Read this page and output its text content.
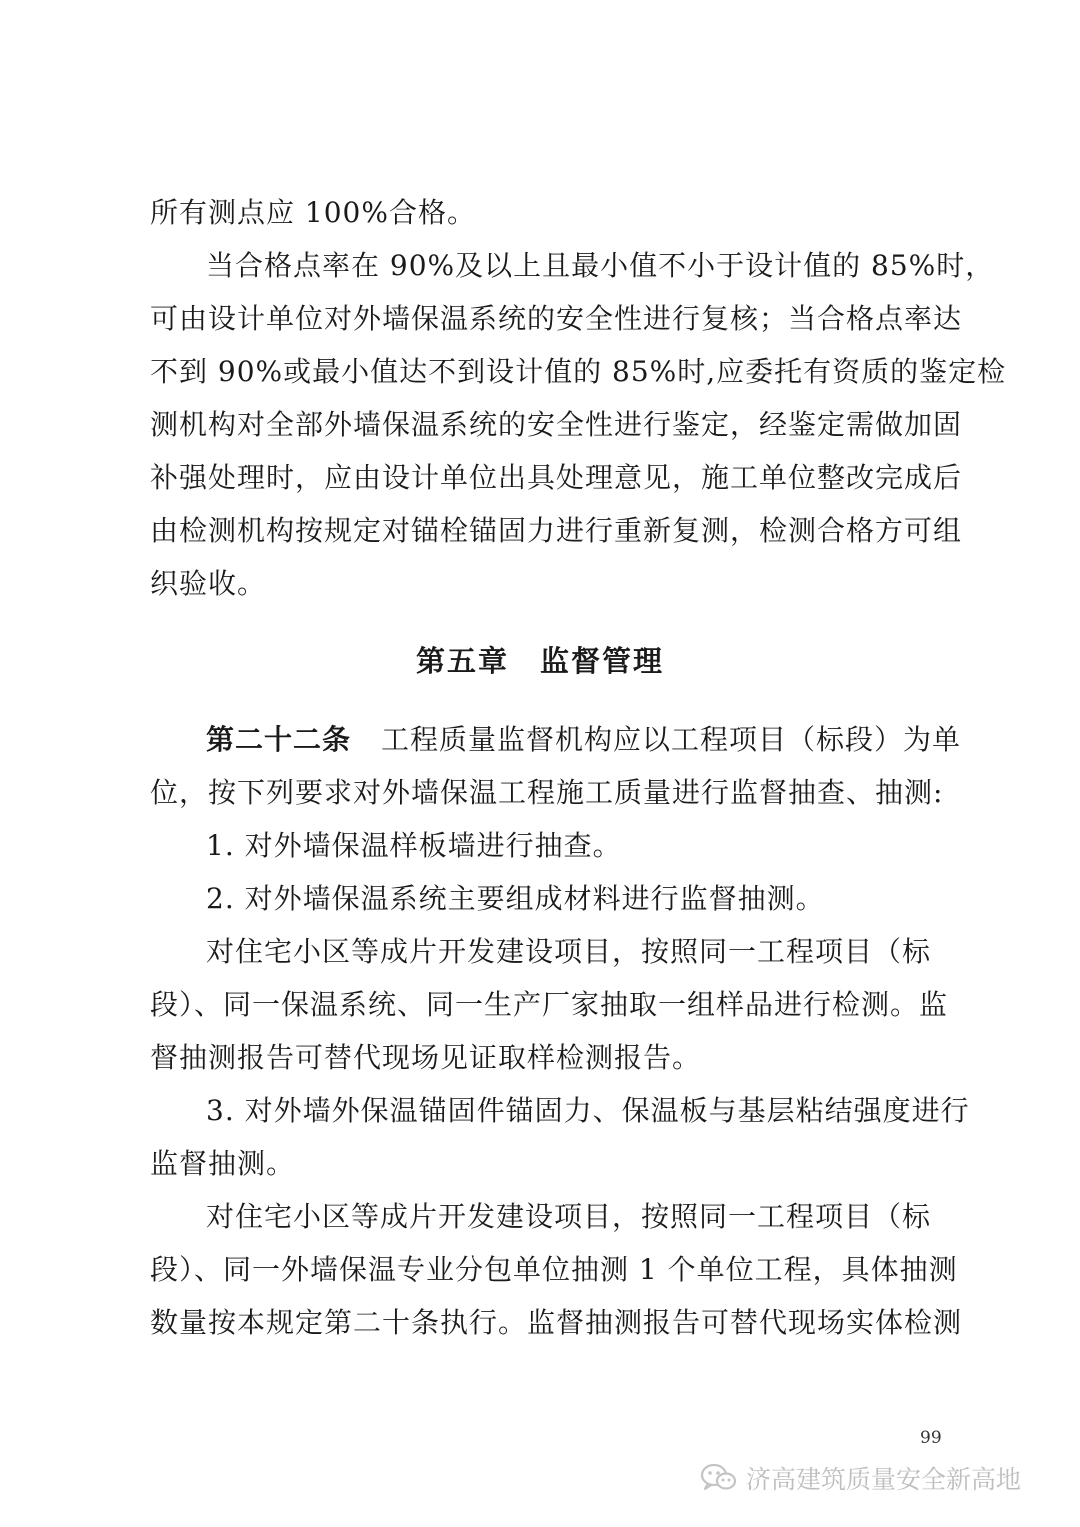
所有测点应 100%合格。
当合格点率在 90%及以上且最小值不小于设计值的 85%时，
可由设计单位对外墙保温系统的安全性进行复核；当合格点率达
不到 90%或最小值达不到设计值的 85%时,应委托有资质的鉴定检
测机构对全部外墙保温系统的安全性进行鉴定，经鉴定需做加固
补强处理时，应由设计单位出具处理意见，施工单位整改完成后
由检测机构按规定对锚栓锚固力进行重新复测，检测合格方可组
织验收。
第五章　监督管理
第二十二条 工程质量监督机构应以工程项目（标段）为单
位，按下列要求对外墙保温工程施工质量进行监督抽查、抽测:
1. 对外墙保温样板墙进行抽查。
2. 对外墙保温系统主要组成材料进行监督抽测。
对住宅小区等成片开发建设项目，按照同一工程项目（标
段）、同一保温系统、同一生产厂家抽取一组样品进行检测。监
督抽测报告可替代现场见证取样检测报告。
3. 对外墙外保温锚固件锚固力、保温板与基层粘结强度进行
监督抽测。
对住宅小区等成片开发建设项目，按照同一工程项目（标
段）、同一外墙保温专业分包单位抽测 1 个单位工程，具体抽测
数量按本规定第二十条执行。监督抽测报告可替代现场实体检测
99
济高建筑质量安全新高地
